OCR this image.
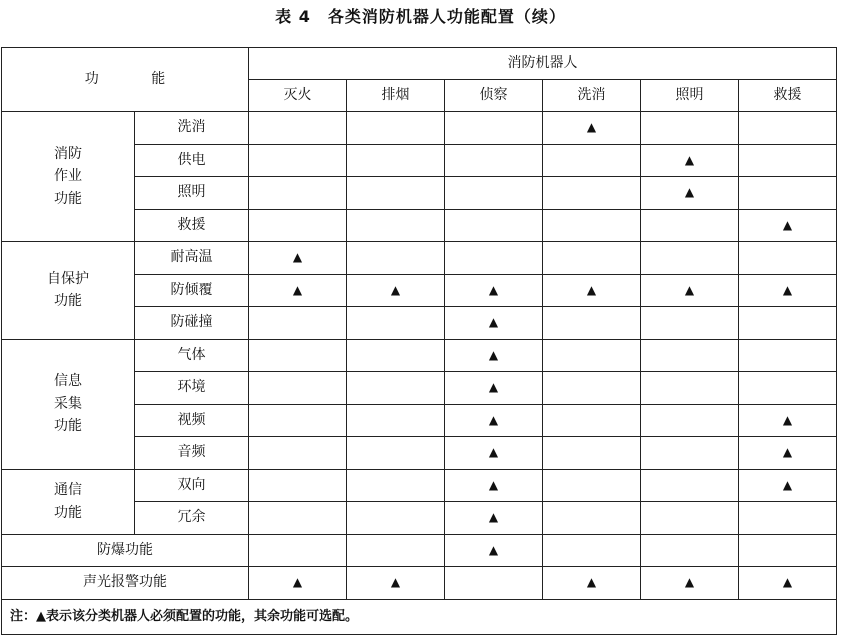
表 4　各类消防机器人功能配置（续）
功 能		消防机器人					
		灭火	排烟	侦察	洗消	照明	救援

消防
作业
功能	洗消				▲		
	供电					▲	
	照明					▲	
	救援						▲

自保护
功能	耐高温	▲					
	防倾覆	▲	▲	▲	▲	▲	▲
	防碰撞			▲			

信息
采集
功能	气体			▲			
	环境			▲			
	视频			▲			▲
	音频			▲			▲

通信
功能	双向			▲			▲
	冗余			▲			
防爆功能				▲			
声光报警功能		▲	▲		▲	▲	▲
注：▲表示该分类机器人必须配置的功能，其余功能可选配。							
